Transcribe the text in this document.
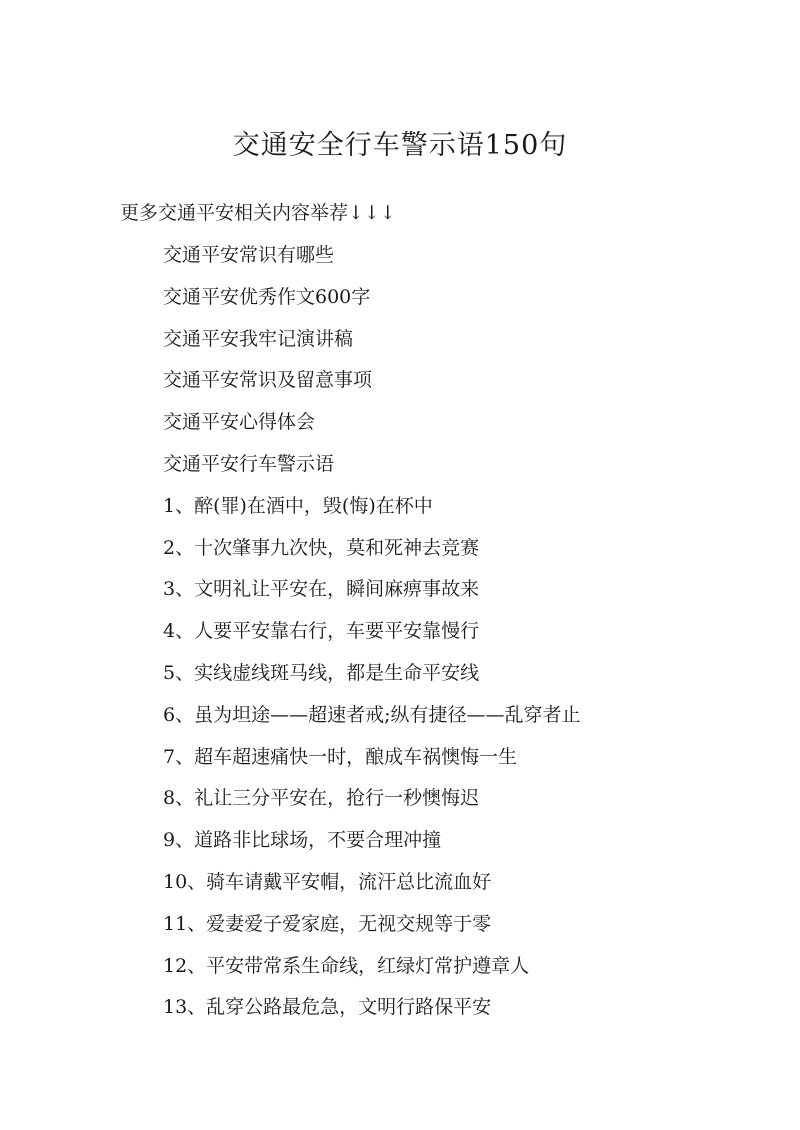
交通安全行车警示语150句
更多交通平安相关内容举荐↓↓↓
交通平安常识有哪些
交通平安优秀作文600字
交通平安我牢记演讲稿
交通平安常识及留意事项
交通平安心得体会
交通平安行车警示语
1、醉(罪)在酒中，毁(悔)在杯中
2、十次肇事九次快，莫和死神去竞赛
3、文明礼让平安在，瞬间麻痹事故来
4、人要平安靠右行，车要平安靠慢行
5、实线虚线斑马线，都是生命平安线
6、虽为坦途——超速者戒;纵有捷径——乱穿者止
7、超车超速痛快一时，酿成车祸懊悔一生
8、礼让三分平安在，抢行一秒懊悔迟
9、道路非比球场，不要合理冲撞
10、骑车请戴平安帽，流汗总比流血好
11、爱妻爱子爱家庭，无视交规等于零
12、平安带常系生命线，红绿灯常护遵章人
13、乱穿公路最危急，文明行路保平安
